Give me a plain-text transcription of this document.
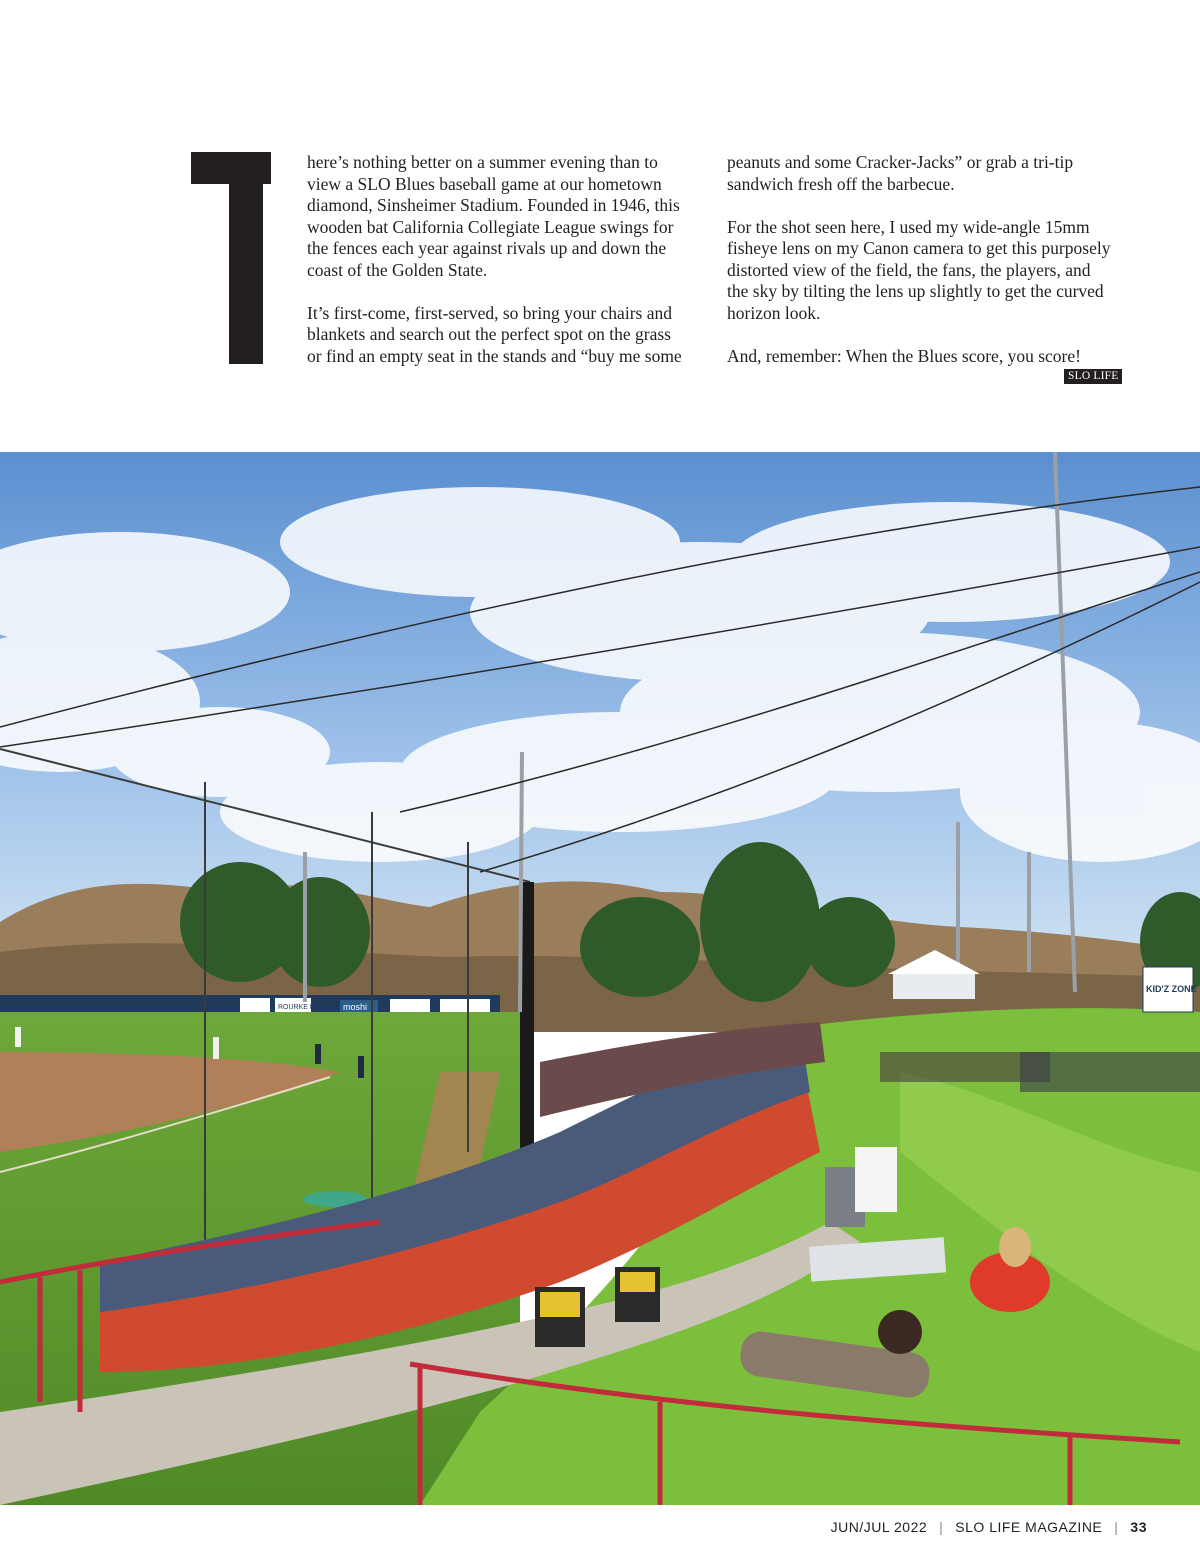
here’s nothing better on a summer evening than to
view a SLO Blues baseball game at our hometown
diamond, Sinsheimer Stadium. Founded in 1946, this
wooden bat California Collegiate League swings for
the fences each year against rivals up and down the
coast of the Golden State.

It’s first-come, first-served, so bring your chairs and
blankets and search out the perfect spot on the grass
or find an empty seat in the stands and “buy me some

peanuts and some Cracker-Jacks” or grab a tri-tip
sandwich fresh off the barbecue.

For the shot seen here, I used my wide-angle 15mm
fisheye lens on my Canon camera to get this purposely
distorted view of the field, the fans, the players, and
the sky by tilting the lens up slightly to get the curved
horizon look.

And, remember: When the Blues score, you score!

SLO LIFE
ROURKE FAMILY moshi
KID'Z ZONE
JUN/JUL 2022 | SLO LIFE MAGAZINE | 33
